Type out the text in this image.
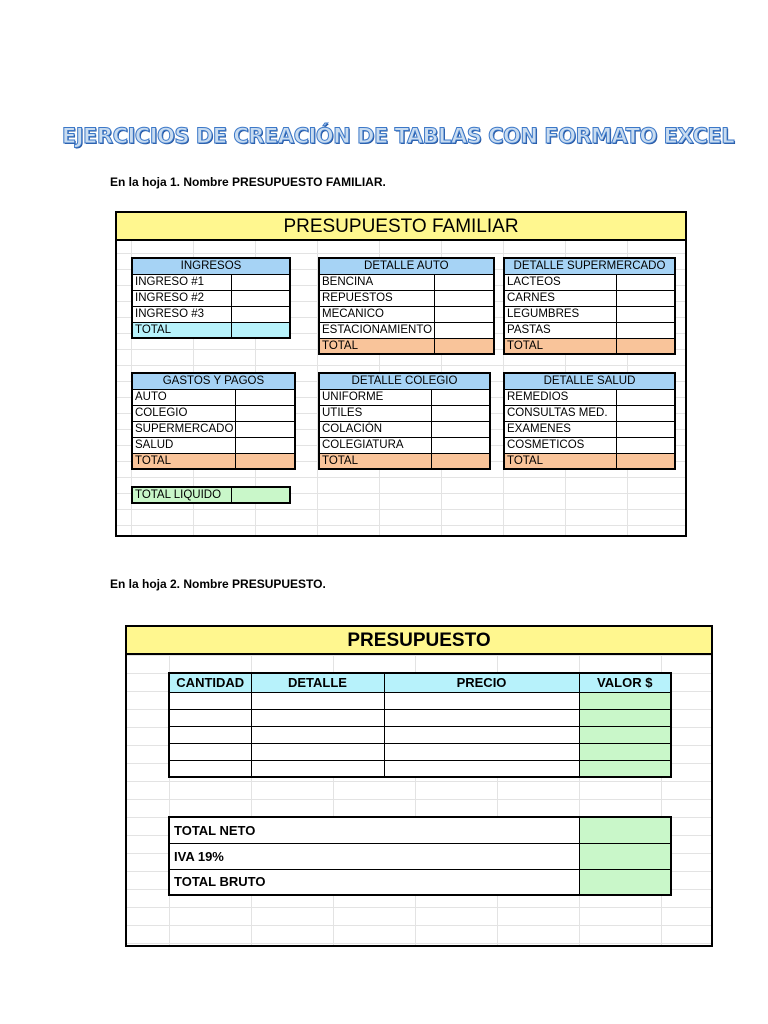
EJERCICIOS DE CREACIÓN DE TABLAS CON FORMATO EXCEL
En la hoja 1. Nombre PRESUPUESTO FAMILIAR.
PRESUPUESTO FAMILIAR
INGRESOS	
INGRESO #1	
INGRESO #2	
INGRESO #3	
TOTAL	
DETALLE AUTO	
BENCINA	
REPUESTOS	
MECANICO	
ESTACIONAMIENTO	
TOTAL	
DETALLE SUPERMERCADO	
LACTEOS	
CARNES	
LEGUMBRES	
PASTAS	
TOTAL	
GASTOS Y PAGOS	
AUTO	
COLEGIO	
SUPERMERCADO	
SALUD	
TOTAL	
DETALLE COLEGIO	
UNIFORME	
UTILES	
COLACIÓN	
COLEGIATURA	
TOTAL	
DETALLE SALUD	
REMEDIOS	
CONSULTAS MED.	
EXAMENES	
COSMETICOS	
TOTAL	
TOTAL LIQUIDO	
En la hoja 2. Nombre PRESUPUESTO.
PRESUPUESTO
CANTIDAD	DETALLE	PRECIO	VALOR $

TOTAL NETO	
IVA 19%	
TOTAL BRUTO	
